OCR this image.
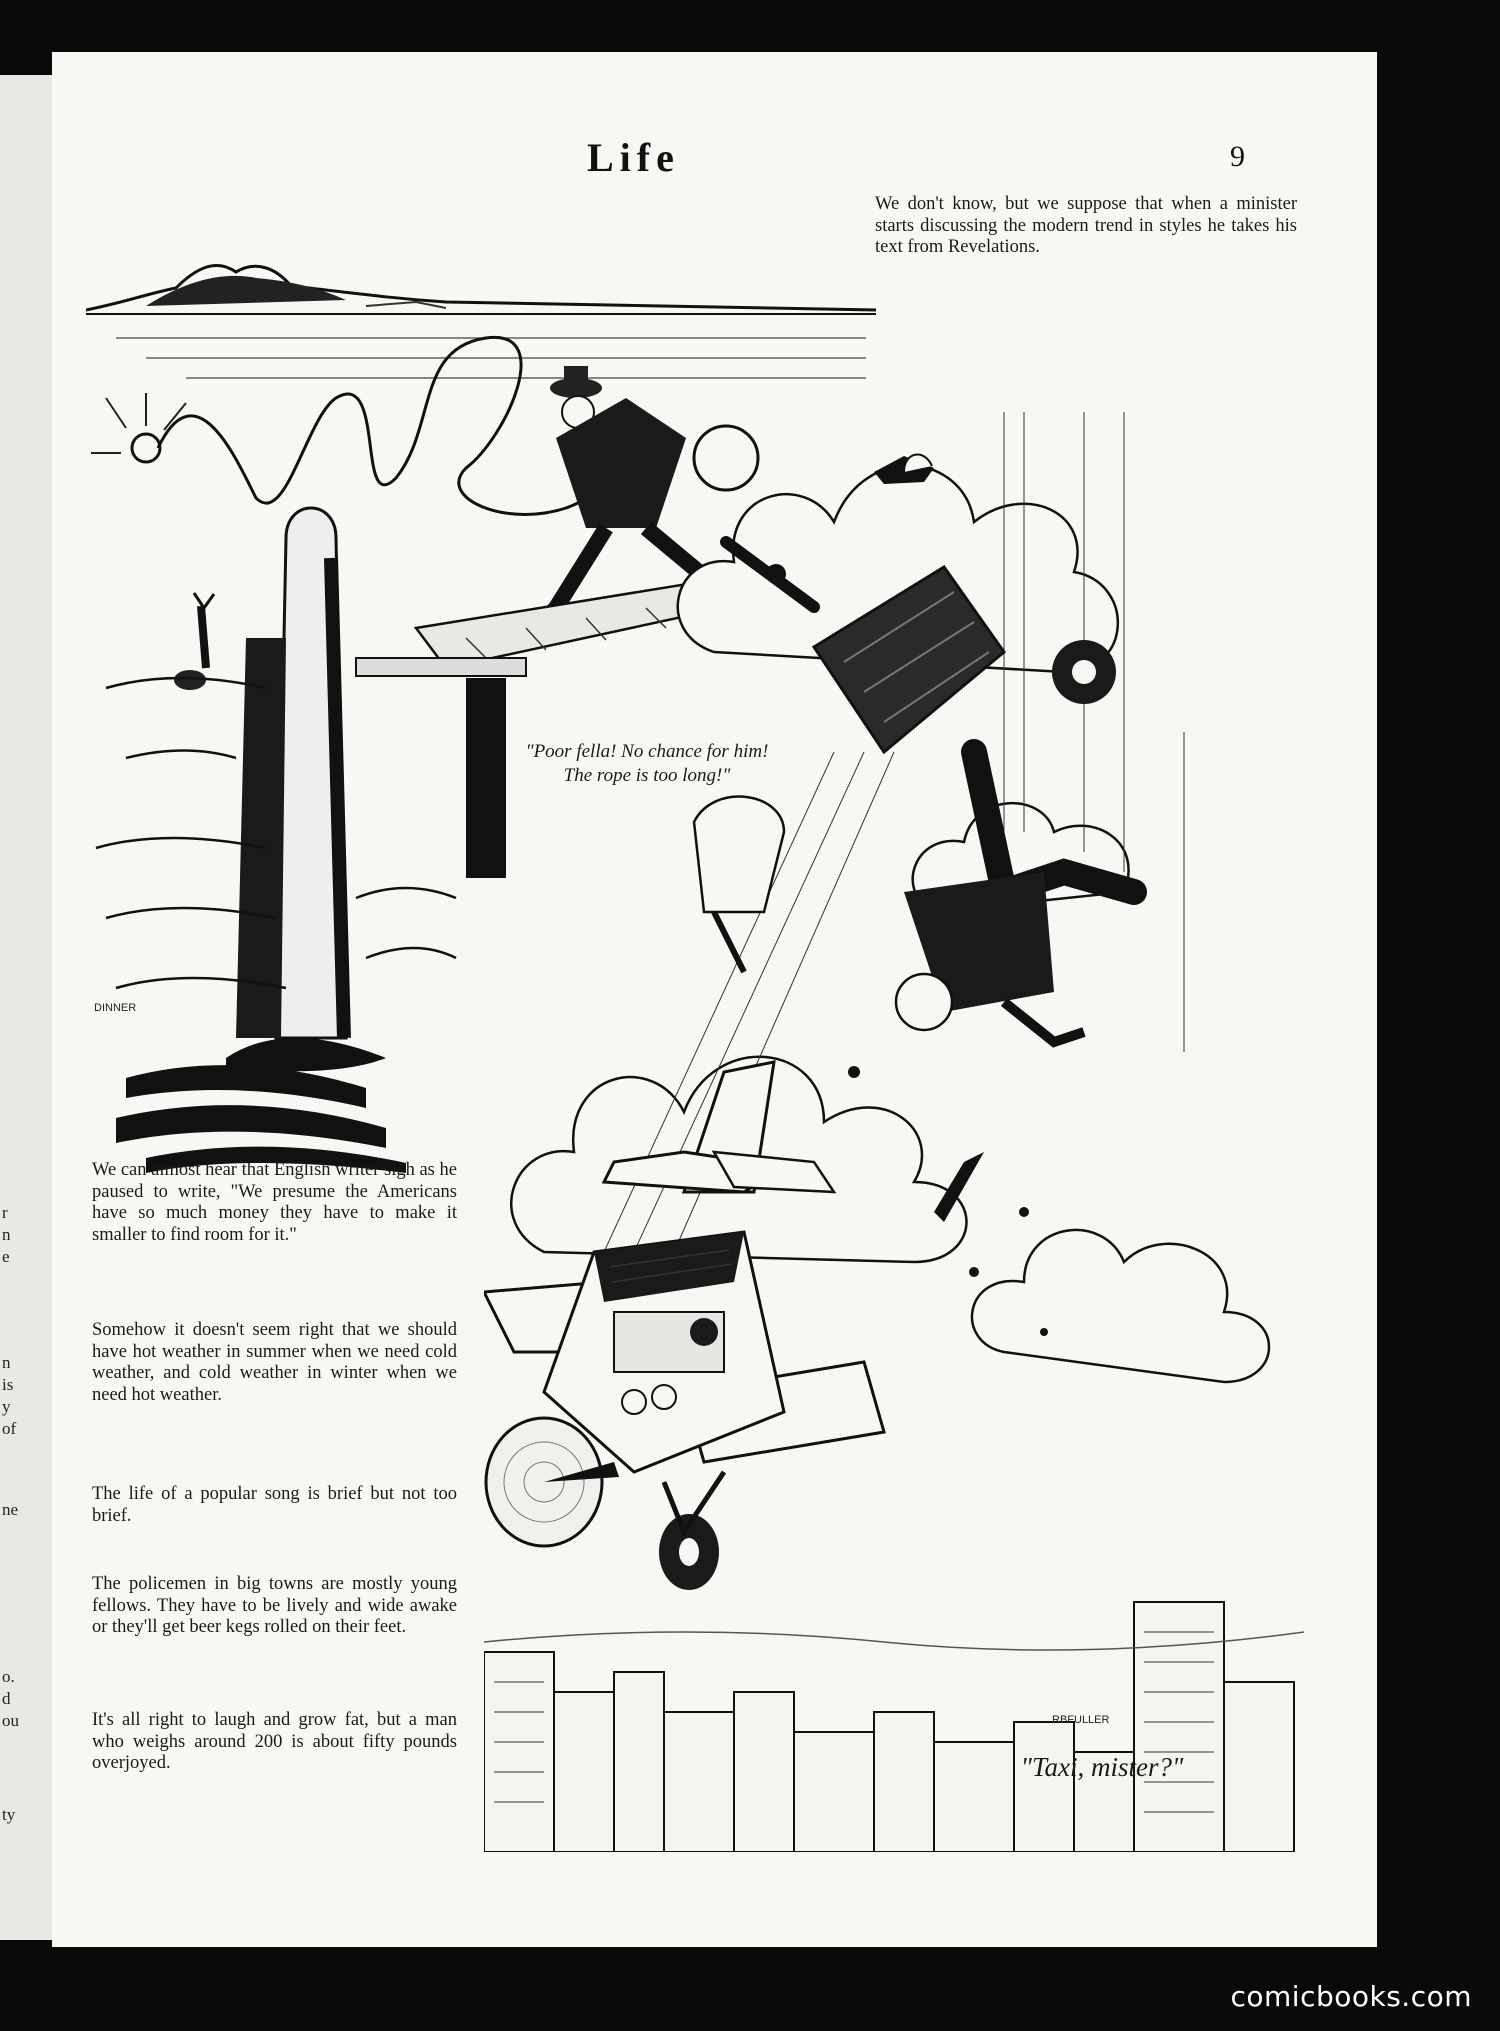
r
n
e
n
is
y
of
ne
o.
d
ou
ty
Life	9
DINNER
"Poor fella! No chance for him!
The rope is too long!"

We don't know, but we suppose that when a minister starts discussing the modern trend in styles he takes his text from Revelations.

RBFULLER

We can almost hear that English writer sigh as he paused to write, "We presume the Americans have so much money they have to make it smaller to find room for it."

Somehow it doesn't seem right that we should have hot weather in summer when we need cold weather, and cold weather in winter when we need hot weather.

The life of a popular song is brief but not too brief.

The policemen in big towns are mostly young fellows. They have to be lively and wide awake or they'll get beer kegs rolled on their feet.

It's all right to laugh and grow fat, but a man who weighs around 200 is about fifty pounds overjoyed.	"Taxi, mister?"
comicbooks.com
